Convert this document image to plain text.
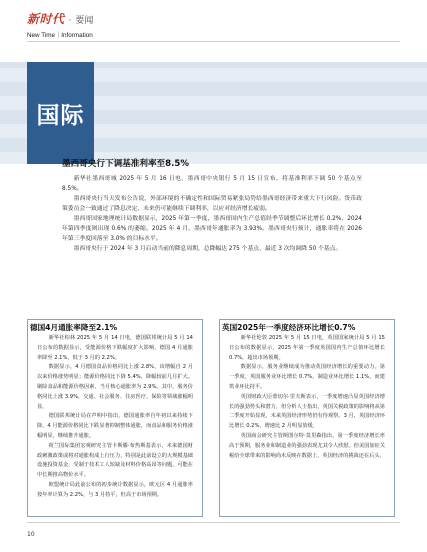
新时代 · 要闻
New Time｜Information
国际
墨西哥央行下调基准利率至8.5%

新华社墨西哥城 2025 年 5 月 16 日电，墨西哥中央银行 5 月 15 日宣布，将基准利率下调 50 个基点至 8.5%。

墨西哥央行当天发布公告说，外部环境的不确定性和国际贸易紧张局势给墨西哥经济带来重大下行风险。货币政策委员会一致通过了降息决定，未来仍可能继续下调利率，以应对经济增长疲弱。

墨西哥国家地理统计局数据显示，2025 年第一季度，墨西哥国内生产总值经季节调整后环比增长 0.2%，2024 年第四季度则出现 0.6% 的萎缩。2025 年 4 月，墨西哥年通胀率为 3.93%。墨西哥央行预计，通胀率将在 2026 年第三季度回落至 3.0% 的目标水平。

墨西哥央行于 2024 年 3 月启动当前的降息周期，总降幅达 275 个基点，最近 3 次均调降 50 个基点。

德国4月通胀率降至2.1%

新华社柏林 2025 年 5 月 14 日电，德国联邦统计局 5 月 14 日公布的数据显示，受能源价格下跌幅度扩大影响，德国 4 月通胀率降至 2.1%，低于 3 月的 2.2%。

数据显示，4 月德国食品价格同比上涨 2.8%，该增幅自 2 月以来价格涨势明显；能源价格同比下降 5.4%，降幅较前几月扩大。剔除食品和能源价格因素，当月核心通胀率为 2.9%。其中，服务价格同比上涨 3.9%，交通、社会服务、住房医疗、保险等领域涨幅明显。

德国联邦统计局在声明中指出，德国通胀率自年初以来持续下降。4 月能源价格同比下跌显著抑制整体通胀，而食品和服务价格涨幅明显，继续推升通胀。

荷兰国际集团宏观研究主管卡斯滕·布热斯基表示，未来德国财政刺激政策或将对通胀构成上行压力，特别是此前设立的大规模基础设施投资基金，受制于技术工人短缺及材料价格高昂等问题，可能在中长期推高物价水平。

欧盟统计局此前公布的初步统计数据显示，欧元区 4 月通胀率按年率计算为 2.2%，与 3 月持平，但高于市场预期。

英国2025年一季度经济环比增长0.7%

新华社伦敦 2025 年 5 月 15 日电，英国国家统计局 5 月 15 日公布的数据显示，2025 年第一季度英国国内生产总值环比增长 0.7%，超出市场预期。

数据显示，服务业继续成为推动英国经济增长的重要动力。第一季度，英国服务业环比增长 0.7%，制造业环比增长 1.1%，而建筑业环比持平。

英国财政大臣蕾切尔·里夫斯表示，一季度增速凸显英国经济增长的强劲势头和潜力，但分析人士指出，英国关税政策的影响将从第二季度开始显现，未来英国经济形势仍有待观察。3 月，英国经济环比增长 0.2%，增速比 2 月明显放缓。

英国商会研究主管斯图尔特·莫里森指出，第一季度经济增长率高于预期，服务业和制造业的强劲表现尤其令人欣慰。但美国加征关税给全球带来的影响尚未反映在数据上，英国经济的挑战还在后头。

10
